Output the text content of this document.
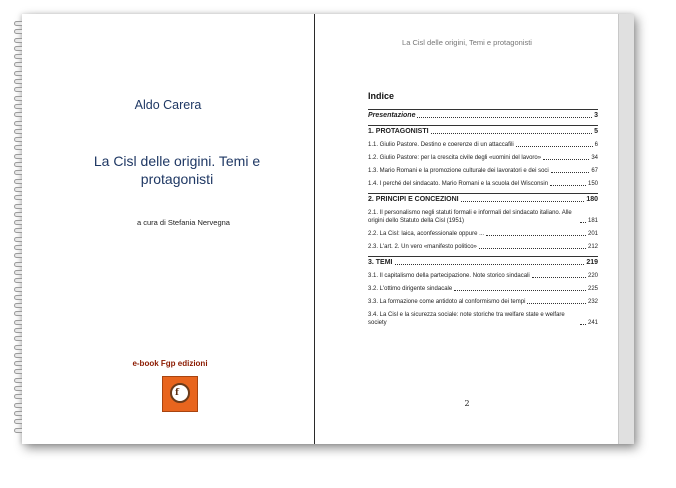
Aldo Carera
La Cisl delle origini. Temi e protagonisti
a cura di Stefania Nervegna
e-book Fgp edizioni
f
La Cisl delle origini, Temi e protagonisti
Indice
Presentazione	3
1. PROTAGONISTI	5
1.1. Giulio Pastore. Destino e coerenze di un attaccafili	6
1.2. Giulio Pastore: per la crescita civile degli «uomini del lavoro»	34
1.3. Mario Romani e la promozione culturale dei lavoratori e dei soci	67
1.4. I perché del sindacato. Mario Romani e la scuola del Wisconsin	150
2. PRINCIPI E CONCEZIONI	180
2.1. Il personalismo negli statuti formali e informali del sindacato italiano. Alle origini dello Statuto della Cisl (1951)	181
2.2. La Cisl: laica, aconfessionale oppure ...	201
2.3. L'art. 2. Un vero «manifesto politico»	212
3. TEMI	219
3.1. Il capitalismo della partecipazione. Note storico sindacali	220
3.2. L'ottimo dirigente sindacale	225
3.3. La formazione come antidoto al conformismo dei tempi	232
3.4. La Cisl e la sicurezza sociale: note storiche tra welfare state e welfare society	241
2
